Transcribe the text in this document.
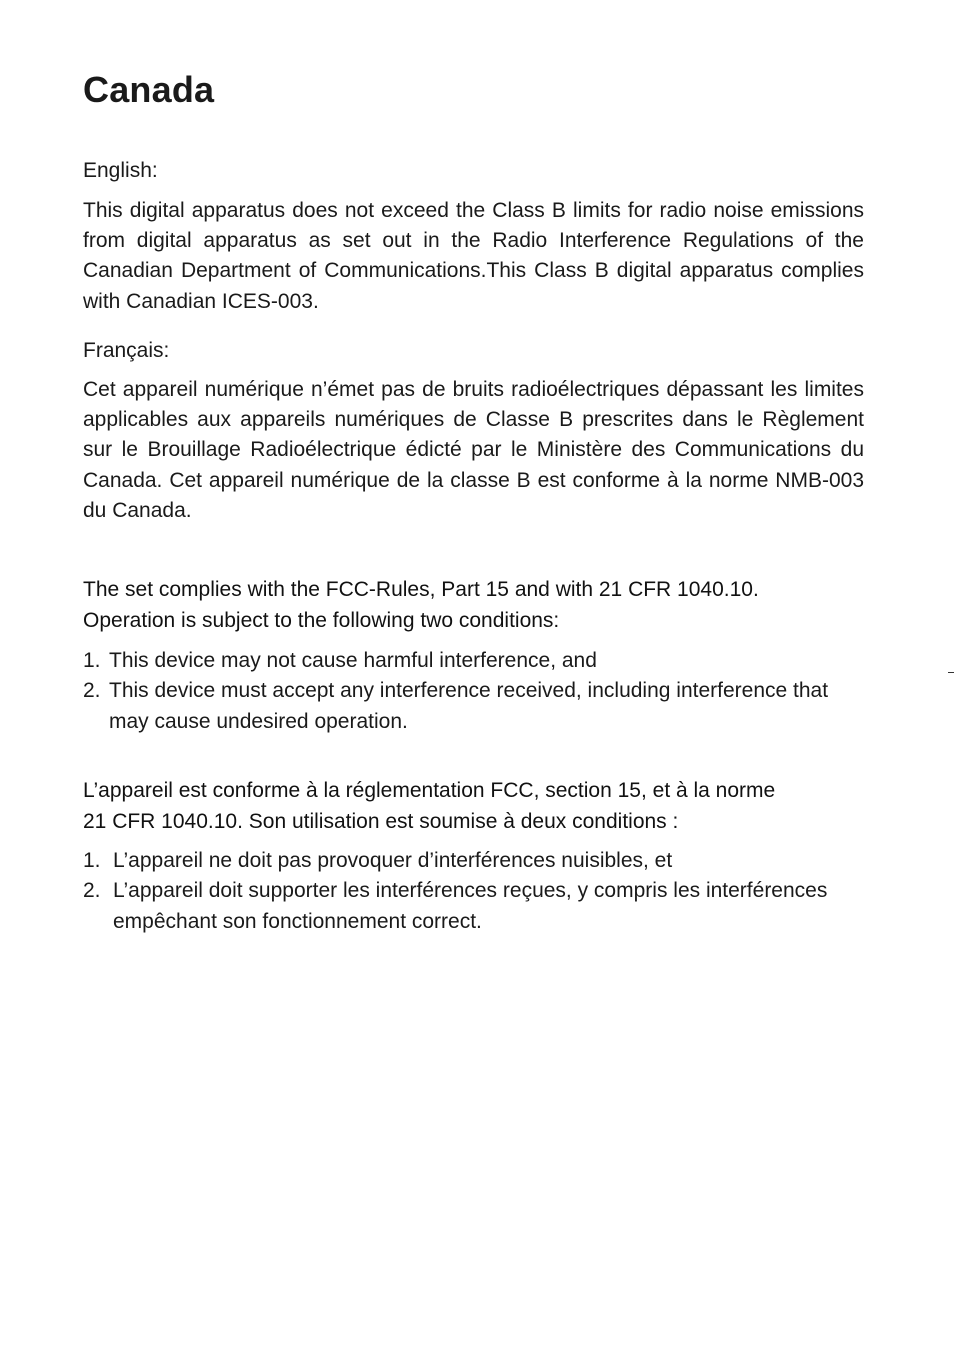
Canada

English:

This digital apparatus does not exceed the Class B limits for radio noise emissions from digital apparatus as set out in the Radio Interference Regulations of the Canadian Department of Communications.This Class B digital apparatus complies with Canadian ICES-003.

Français:

Cet appareil numérique n’émet pas de bruits radioélectriques dépassant les limites applicables aux appareils numériques de Classe B prescrites dans le Règlement sur le Brouillage Radioélectrique édicté par le Ministère des Communications du Canada. Cet appareil numérique de la classe B est conforme à la norme NMB-003 du Canada.

The set complies with the FCC-Rules, Part 15 and with 21 CFR 1040.10.
Operation is subject to the following two conditions:
1. This device may not cause harmful interference, and
2. This device must accept any interference received, including interference that may cause undesired operation.
L’appareil est conforme à la réglementation FCC, section 15, et à la norme
21 CFR 1040.10. Son utilisation est soumise à deux conditions :
1. L’appareil ne doit pas provoquer d’interférences nuisibles, et
2. L’appareil doit supporter les interférences reçues, y compris les interférences empêchant son fonctionnement correct.
